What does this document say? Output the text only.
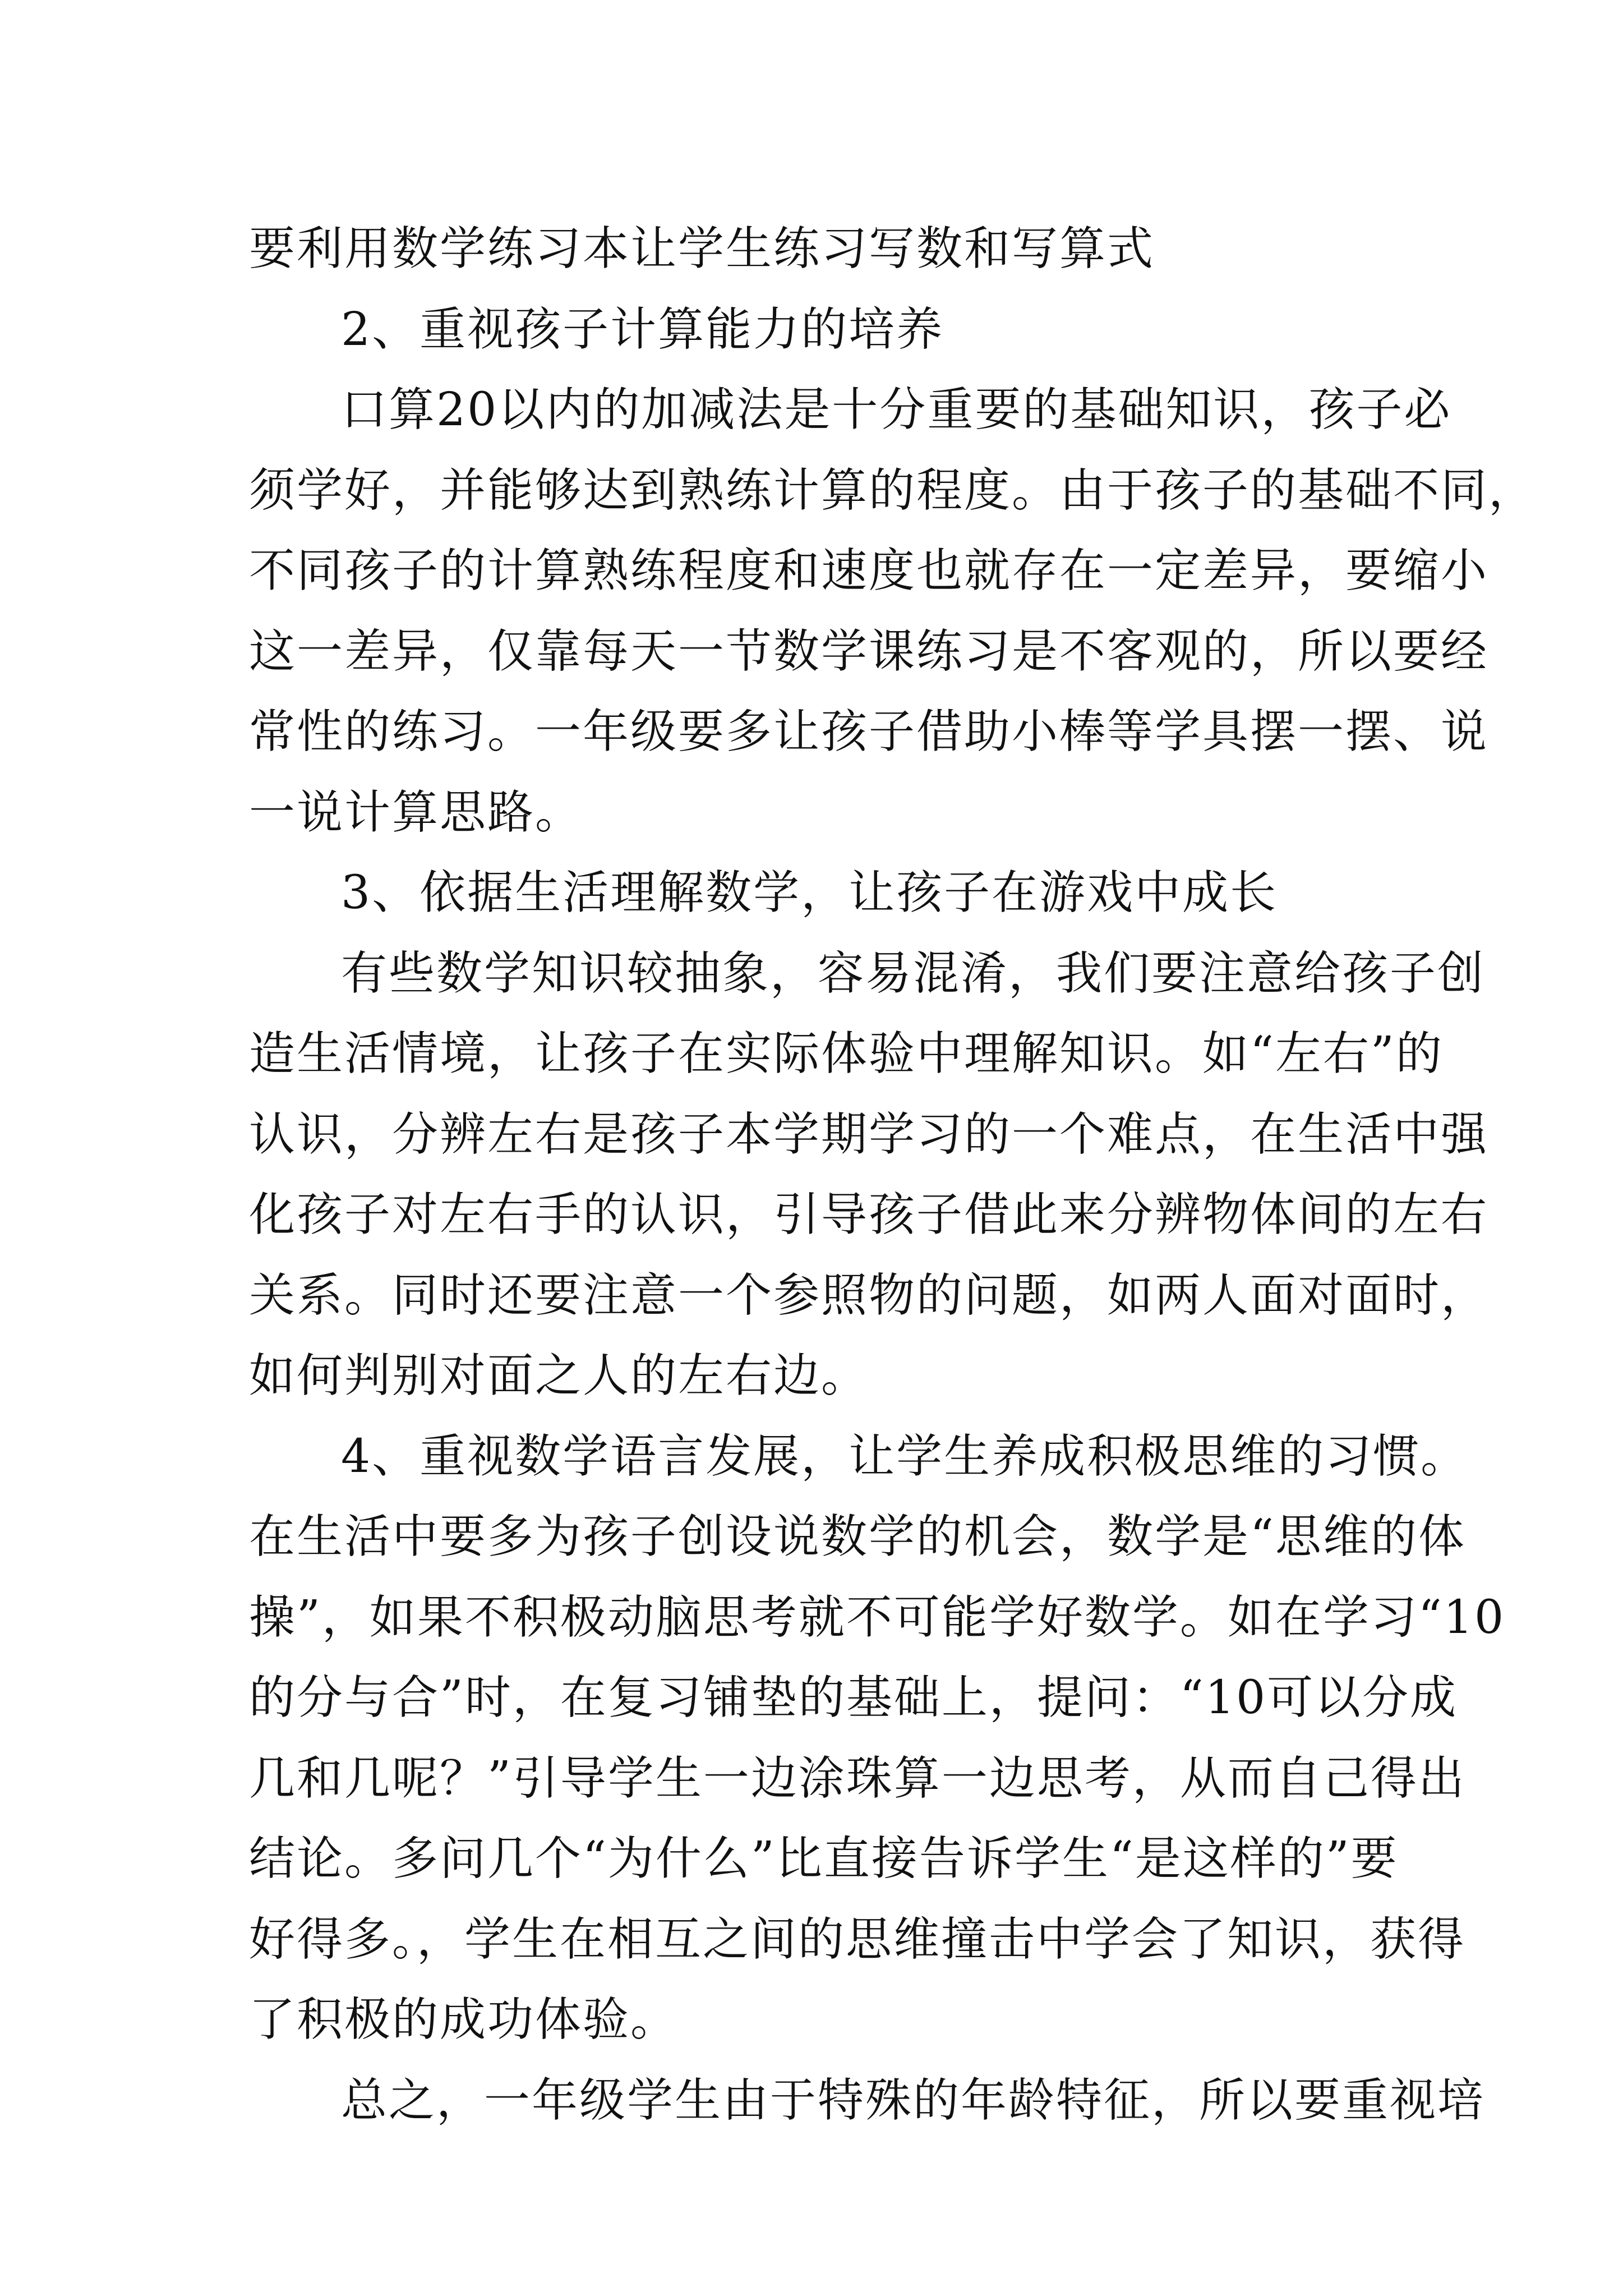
要利用数学练习本让学生练习写数和写算式
2、重视孩子计算能力的培养
口算20以内的加减法是十分重要的基础知识，孩子必
须学好，并能够达到熟练计算的程度。由于孩子的基础不同，
不同孩子的计算熟练程度和速度也就存在一定差异，要缩小
这一差异，仅靠每天一节数学课练习是不客观的，所以要经
常性的练习。一年级要多让孩子借助小棒等学具摆一摆、说
一说计算思路。
3、依据生活理解数学，让孩子在游戏中成长
有些数学知识较抽象，容易混淆，我们要注意给孩子创
造生活情境，让孩子在实际体验中理解知识。如“左右”的
认识，分辨左右是孩子本学期学习的一个难点，在生活中强
化孩子对左右手的认识，引导孩子借此来分辨物体间的左右
关系。同时还要注意一个参照物的问题，如两人面对面时，
如何判别对面之人的左右边。
4、重视数学语言发展，让学生养成积极思维的习惯。
在生活中要多为孩子创设说数学的机会，数学是“思维的体
操”，如果不积极动脑思考就不可能学好数学。如在学习“10
的分与合”时，在复习铺垫的基础上，提问：“10可以分成
几和几呢？”引导学生一边涂珠算一边思考，从而自己得出
结论。多问几个“为什么”比直接告诉学生“是这样的”要
好得多。，学生在相互之间的思维撞击中学会了知识，获得
了积极的成功体验。
总之，一年级学生由于特殊的年龄特征，所以要重视培
